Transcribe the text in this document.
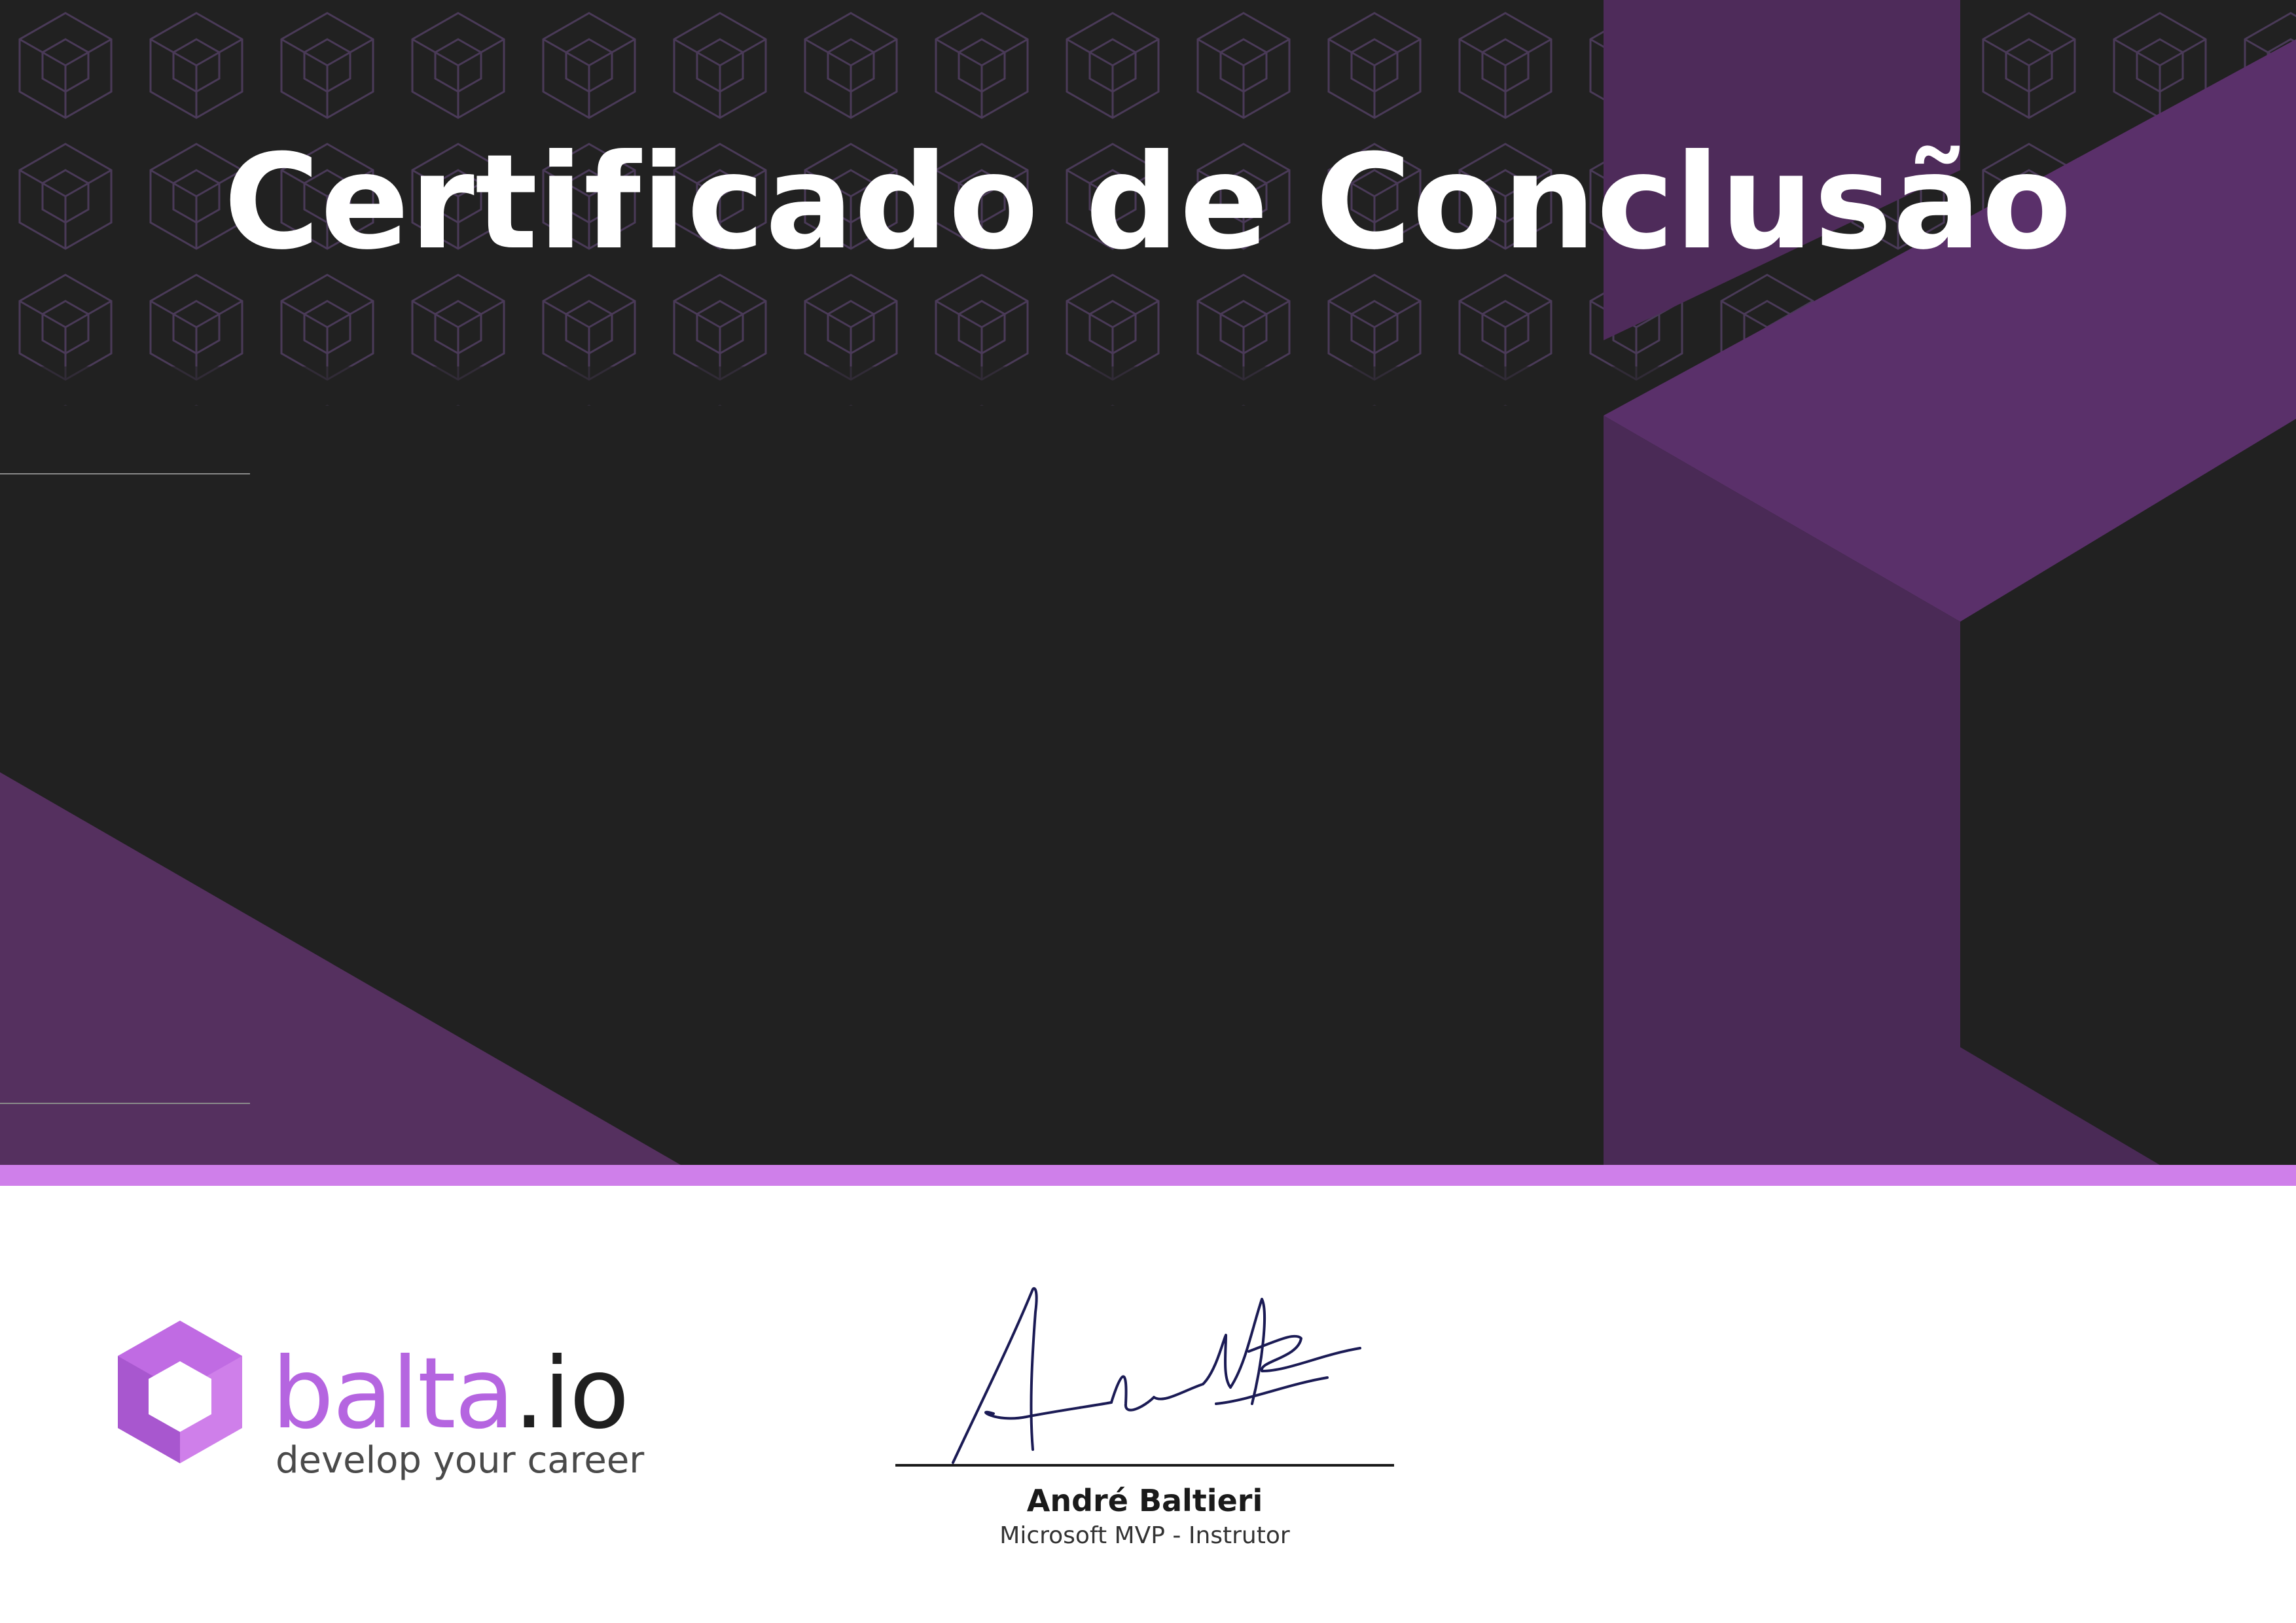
Certificado de Conclusão
balta.io
develop your career
André Baltieri
Microsoft MVP - Instrutor
